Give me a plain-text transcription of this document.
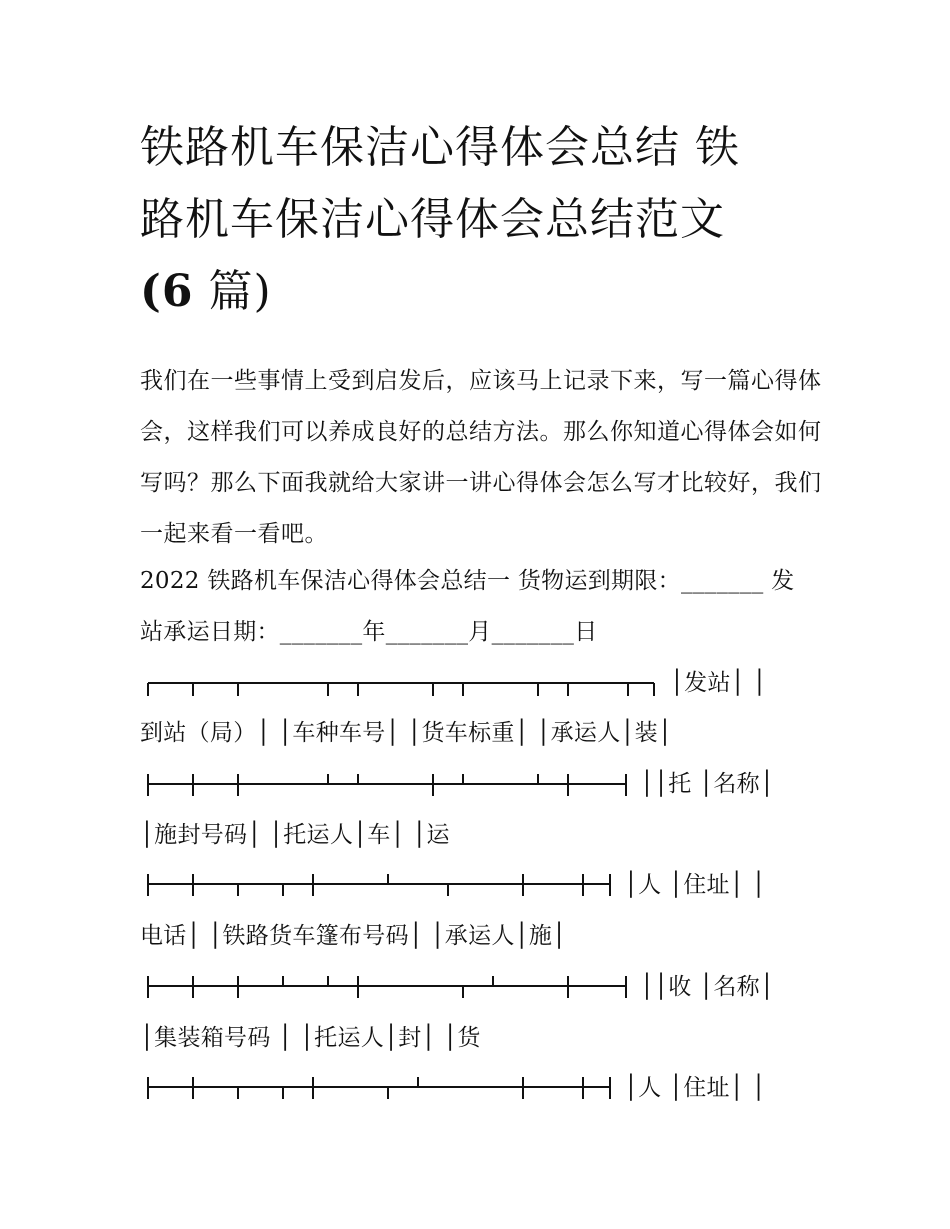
铁路机车保洁心得体会总结 铁
路机车保洁心得体会总结范文
(6 篇)

我们在一些事情上受到启发后，应该马上记录下来，写一篇心得体会，这样我们可以养成良好的总结方法。那么你知道心得体会如何写吗？那么下面我就给大家讲一讲心得体会怎么写才比较好，我们一起来看一看吧。

2022 铁路机车保洁心得体会总结一 货物运到期限：_______ 发
站承运日期：_______年_______月_______日
│发站│ │
到站（局）│ │车种车号│ │货车标重│ │承运人│装│
││托 │名称│
│施封号码│ │托运人│车│ │运
│人 │住址│ │
电话│ │铁路货车篷布号码│ │承运人│施│
││收 │名称│
│集装箱号码 │ │托运人│封│ │货
│人 │住址│ │
